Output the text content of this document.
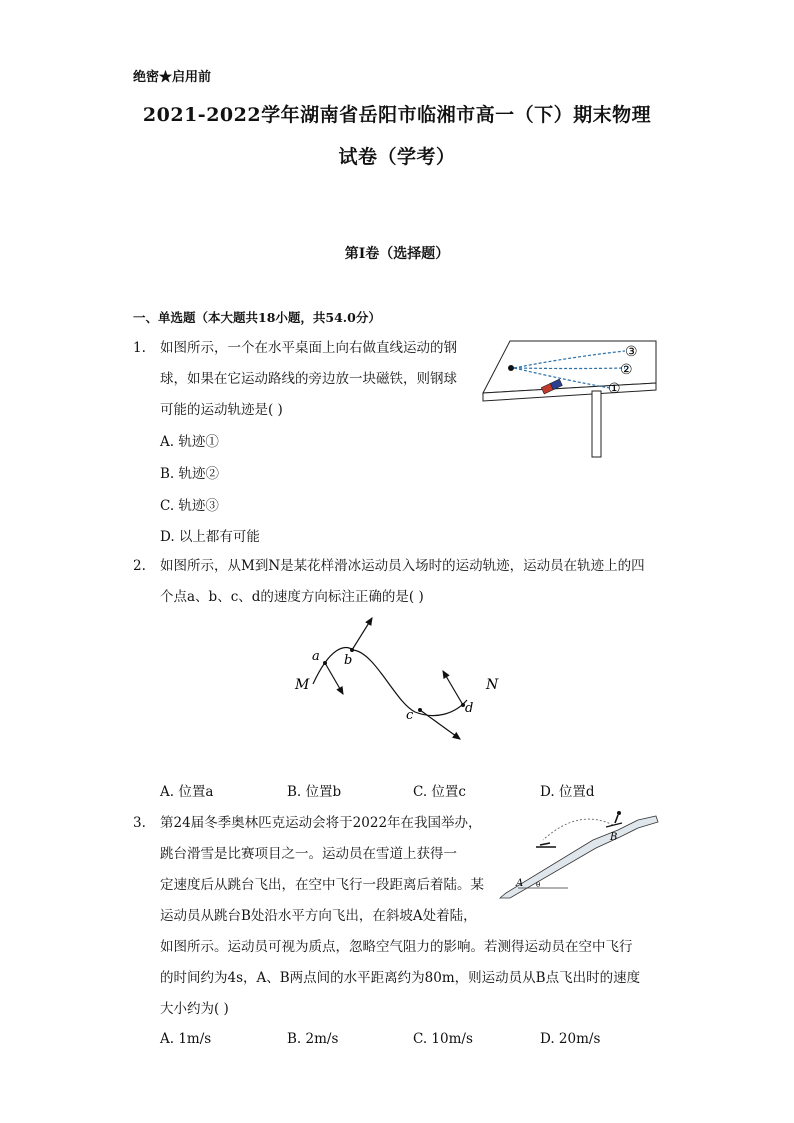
绝密★启用前
2021-2022学年湖南省岳阳市临湘市高一（下）期末物理
试卷（学考）
第I卷（选择题）
一、单选题（本大题共18小题，共54.0分）
1. 如图所示，一个在水平桌面上向右做直线运动的钢
球，如果在它运动路线的旁边放一块磁铁，则钢球
可能的运动轨迹是( )
A. 轨迹①
B. 轨迹②
C. 轨迹③
D. 以上都有可能
③
②
①
2. 如图所示，从M到N是某花样滑冰运动员入场时的运动轨迹，运动员在轨迹上的四
个点a、b、c、d的速度方向标注正确的是( )
M
a b
c	d
N
A. 位置a	B. 位置b	C. 位置c	D. 位置d
3. 第24届冬季奥林匹克运动会将于2022年在我国举办，
跳台滑雪是比赛项目之一。运动员在雪道上获得一
定速度后从跳台飞出，在空中飞行一段距离后着陆。某
运动员从跳台B处沿水平方向飞出，在斜坡A处着陆，
如图所示。运动员可视为质点，忽略空气阻力的影响。若测得运动员在空中飞行
的时间约为4s，A、B两点间的水平距离约为80m，则运动员从B点飞出时的速度
大小约为( )
B
A θ
A. 1m/s	B. 2m/s	C. 10m/s	D. 20m/s
